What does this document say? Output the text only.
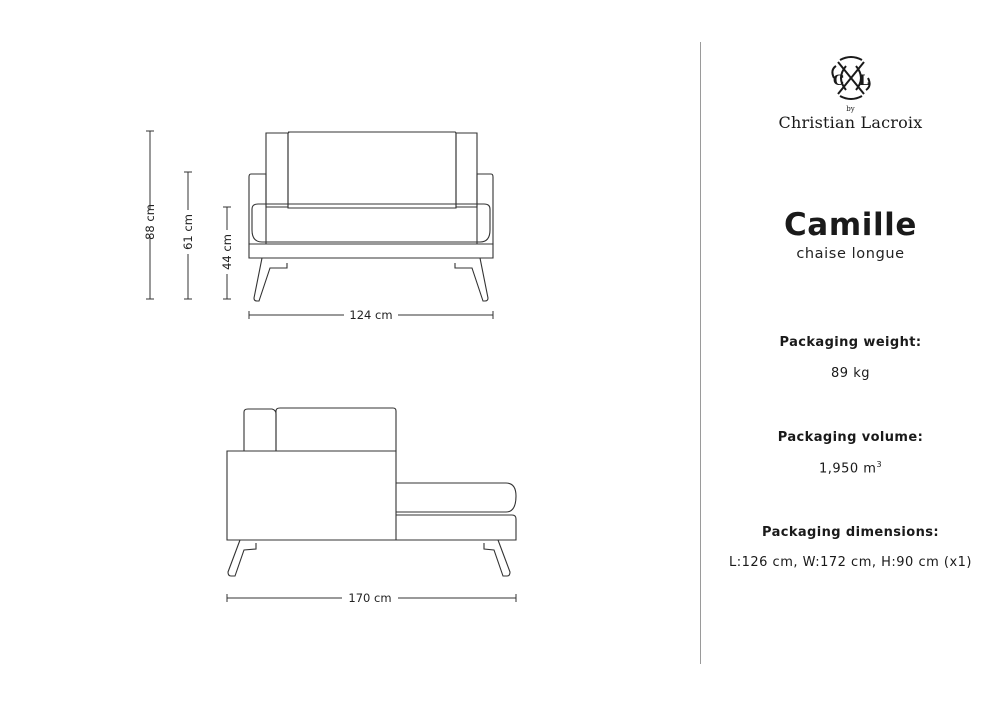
88 cm 61 cm
44 cm
124 cm
170 cm
C L
by
Christian Lacroix
Camille
chaise longue
Packaging weight:
89 kg
Packaging volume:
1,950 $m^3$
Packaging dimensions:
L:126 cm, W:172 cm, H:90 cm (x1)
